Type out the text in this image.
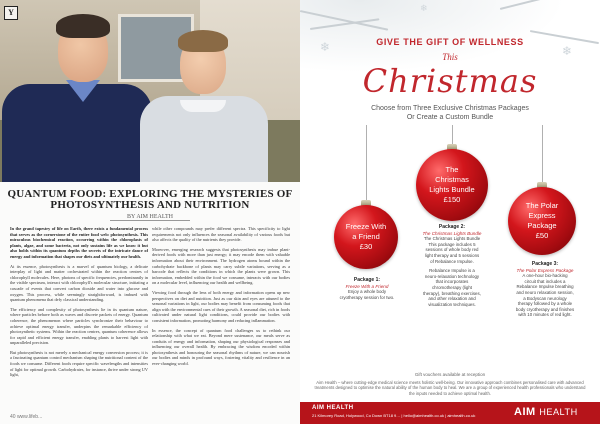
Y
QUANTUM FOOD: EXPLORING THE MYSTERIES OF PHOTOSYNTHESIS AND NUTRITION
BY AIM HEALTH

In the grand tapestry of life on Earth, there exists a fundamental process that serves as the cornerstone of the entire food web: photosynthesis. This miraculous biochemical reaction, occurring within the chloroplasts of plants, algae, and some bacteria, not only sustains life as we know it but also holds within its quantum depths the secrets of the intricate dance of energy and information that shapes our diets and ultimately our health.

At its essence, photosynthesis is a marvel of quantum biology, a delicate interplay of light and matter orchestrated within the reaction centres of chlorophyll molecules. Here, photons of specific frequencies, predominantly in the visible spectrum, interact with chlorophyll's molecular structure, initiating a cascade of events that convert carbon dioxide and water into glucose and oxygen. This process, while seemingly straightforward, is imbued with quantum phenomena that defy classical understanding.

The efficiency and complexity of photosynthesis lie in its quantum nature, where particles behave both as waves and discrete packets of energy. Quantum coherence, the phenomenon where particles synchronize their behaviour to achieve optimal energy transfer, underpins the remarkable efficiency of photosynthetic systems. Within the reaction centres, quantum coherence allows for rapid and efficient energy transfer, enabling plants to harvest light with unparalleled precision.

But photosynthesis is not merely a mechanical energy conversion process; it is a fascinating quantum control mechanism shaping the nutritional content of the foods we consume. Different foods require specific wavelengths and intensities of light for optimal growth. Carbohydrates, for instance, thrive under strong UV light,

while other compounds may prefer different spectra. This specificity to light requirements not only influences the seasonal availability of various foods but also affects the quality of the nutrients they provide.

Moreover, emerging research suggests that photosynthesis may imbue plant-derived foods with more than just energy; it may encode them with valuable information about their environment. The hydrogen atoms bound within the carbohydrate backbone of plants may carry subtle variations, serving as a barcode that reflects the conditions in which the plants were grown. This information, embedded within the food we consume, interacts with our bodies on a molecular level, influencing our health and wellbeing.

Viewing food through the lens of both energy and information opens up new perspectives on diet and nutrition. Just as our skin and eyes are attuned to the seasonal variations in light, our bodies may benefit from consuming foods that align with the environmental cues of their growth. A seasonal diet, rich in foods cultivated under natural light conditions, could provide our bodies with consistent information, promoting harmony and reducing inflammation.

In essence, the concept of quantum food challenges us to rethink our relationship with what we eat. Beyond mere sustenance, our meals serve as conduits of energy and information, shaping our physiological responses and influencing our overall health. By embracing the wisdom encoded within photosynthesis and honouring the seasonal rhythms of nature, we can nourish our bodies and minds in profound ways, fostering vitality and resilience in an ever-changing world.

40 www.lifeb...
❄	❄
❄
GIVE THE GIFT OF WELLNESS
This
Christmas
Choose from Three Exclusive Christmas Packages
Or Create a Custom Bundle
Freeze With
a Friend
£30
The
Christmas
Lights Bundle
£150
The Polar
Express
Package
£50
Package 1:
Freeze With a Friend
Enjoy a whole body
cryotherapy session for two.
Package 2:
The Christmas Lights Bundle
The Christmas Lights Bundle
This package includes 5
sessions of whole body red
light therapy and 5 sessions
of Rebalance Impulse.
Rebalance Impulse is a
neuro-relaxation technology
that incorporates
chromotherapy (light
therapy), breathing exercises,
and other relaxation and
visualization techniques.
Package 3:
The Polar Express Package
A one-hour bio-hacking
circuit that includes a
Rebalance Impulse breathing
and neuro relaxation session,
a Bodyscan neurology
therapy followed by a whole
body cryotherapy and finishes
with 10 minutes of red light.
Gift vouchers available at reception
Aim Health – where cutting-edge medical science meets holistic well-being. Our innovative approach combines personalised care with advanced treatments designed to optimise the natural ability of the human body to heal. We are a group of experienced health professionals who understand the inputs needed to achieve optimal health.
AIM HEALTH
21 Kilmorey Road, Holywood, Co Down BT18 9… | hello@aimhealth.co.uk | aimhealth.co.uk	AIM HEALTH
